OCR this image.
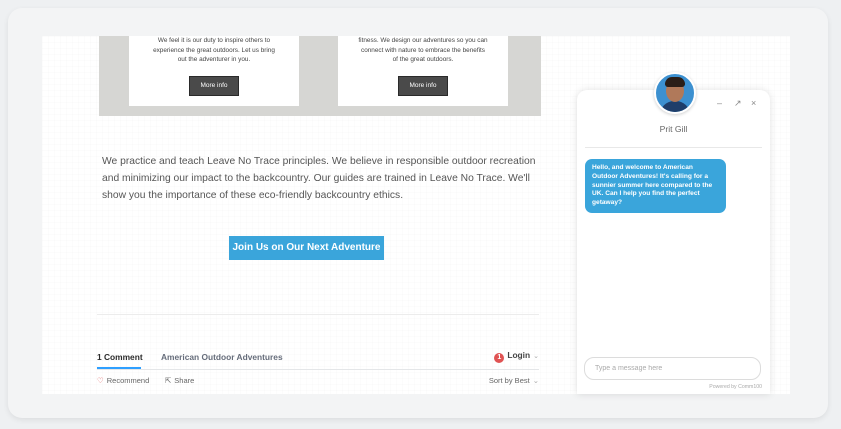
We feel it is our duty to inspire others to
experience the great outdoors. Let us bring
out the adventurer in you.
More info
fitness. We design our adventures so you can
connect with nature to embrace the benefits
of the great outdoors.
More info
We practice and teach Leave No Trace principles. We believe in responsible outdoor recreation and minimizing our impact to the backcountry. Our guides are trained in Leave No Trace. We'll show you the importance of these eco-friendly backcountry ethics.
Join Us on Our Next Adventure
1 Comment American Outdoor Adventures	1 Login ⌄
♡ Recommend ⇱ Share	Sort by Best ⌄
– ↗ ×
Prit Gill
Hello, and welcome to American Outdoor Adventures! It's calling for a sunnier summer here compared to the UK. Can I help you find the perfect getaway?
Type a message here
Powered by Comm100
